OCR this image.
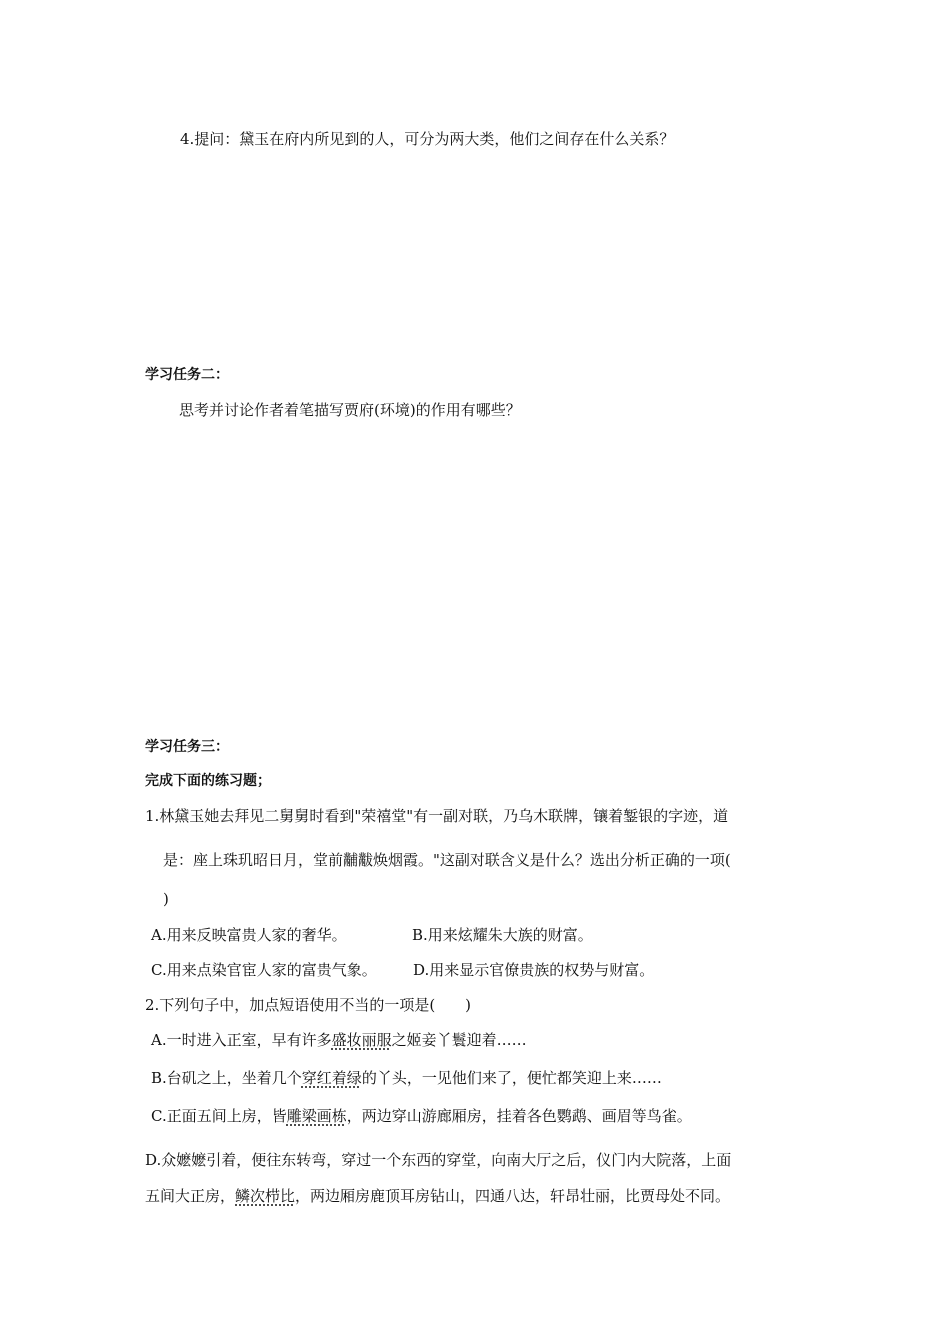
4.提问：黛玉在府内所见到的人，可分为两大类，他们之间存在什么关系？
学习任务二：
思考并讨论作者着笔描写贾府(环境)的作用有哪些？
学习任务三：
完成下面的练习题；
1.林黛玉她去拜见二舅舅时看到"荣禧堂"有一副对联，乃乌木联牌，镶着錾银的字迹，道
是：座上珠玑昭日月，堂前黼黻焕烟霞。"这副对联含义是什么？选出分析正确的一项(
)
A.用来反映富贵人家的奢华。	B.用来炫耀朱大族的财富。
C.用来点染官宦人家的富贵气象。 D.用来显示官僚贵族的权势与财富。
2.下列句子中，加点短语使用不当的一项是(　　)
A.一时进入正室，早有许多盛妆丽服之姬妾丫鬟迎着……
B.台矶之上，坐着几个穿红着绿的丫头，一见他们来了，便忙都笑迎上来……
C.正面五间上房，皆雕梁画栋，两边穿山游廊厢房，挂着各色鹦鹉、画眉等鸟雀。
D.众嬷嬷引着，便往东转弯，穿过一个东西的穿堂，向南大厅之后，仪门内大院落，上面
五间大正房，鳞次栉比，两边厢房鹿顶耳房钻山，四通八达，轩昂壮丽，比贾母处不同。
